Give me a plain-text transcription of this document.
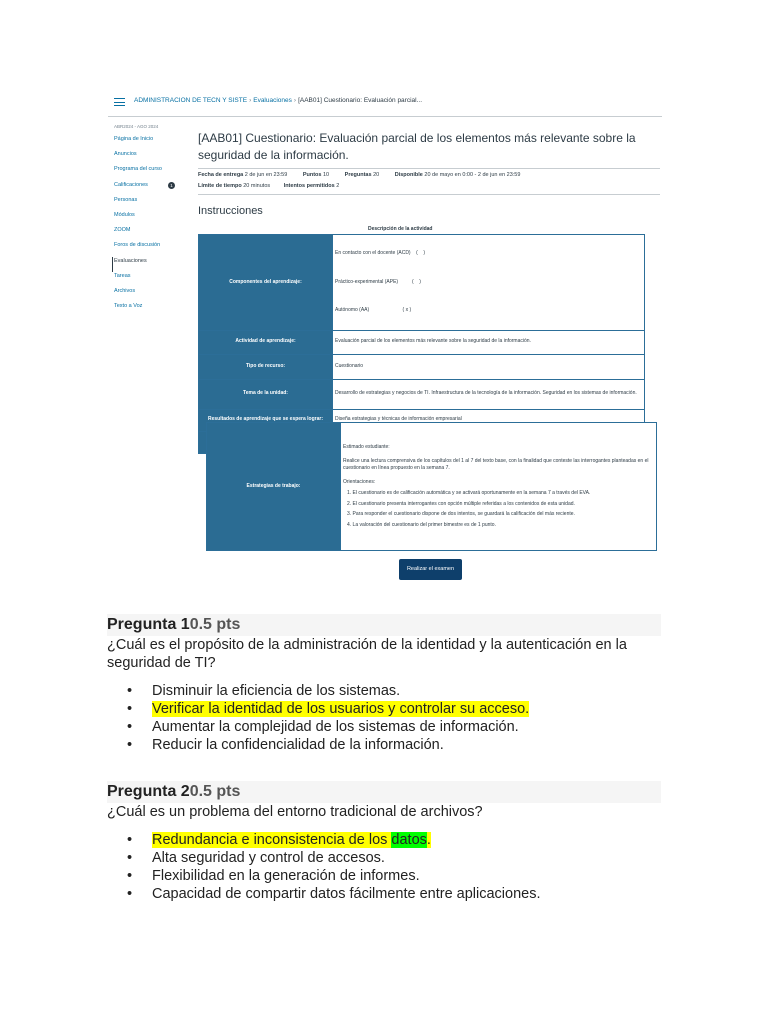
ADMINISTRACION DE TECN Y SISTE › Evaluaciones › [AAB01] Cuestionario: Evaluación parcial...
ABR2024 - AGO 2024
Página de Inicio
Anuncios
Programa del curso
Calificaciones	1
Personas
Módulos
ZOOM
Foros de discusión
Evaluaciones
Tareas
Archivos
Texto a Voz
[AAB01] Cuestionario: Evaluación parcial de los elementos más relevante sobre la seguridad de la información.
Fecha de entrega 2 de jun en 23:59	Puntos 10	Preguntas 20	Disponible 20 de mayo en 0:00 - 2 de jun en 23:59
Límite de tiempo 20 minutos Intentos permitidos 2
Instrucciones
Descripción de la actividad
Componentes del aprendizaje:	En contacto con el docente (ACD)    (    )

Práctico-experimental (APE)          (    )

Autónomo (AA)                        ( x )

Actividad de aprendizaje:	Evaluación parcial de los elementos más relevante sobre la seguridad de la información.
Tipo de recurso:	Cuestionario
Tema de la unidad:	Desarrollo de estrategias y negocios de TI. Infraestructura de la tecnología de la información. Seguridad en los sistemas de información.
Resultados de aprendizaje que se espera lograr:	Diseña estrategias y técnicas de información empresarial

Estrategias de trabajo:	
Estimado estudiante:
Realice una lectura comprensiva de los capítulos del 1 al 7 del texto base, con la finalidad que conteste las interrogantes planteadas en el cuestionario en línea propuesto en la semana 7.
Orientaciones:
1. El cuestionario es de calificación automática y se activará oportunamente en la semana 7 a través del EVA.
2. El cuestionario presenta interrogantes con opción múltiple referidas a los contenidos de esta unidad.
3. Para responder el cuestionario dispone de dos intentos, se guardará la calificación del más reciente.
4. La valoración del cuestionario del primer bimestre es de 1 punto.
Realizar el examen
Pregunta 10.5 pts
¿Cuál es el propósito de la administración de la identidad y la autenticación en la seguridad de TI?
• Disminuir la eficiencia de los sistemas.
• Verificar la identidad de los usuarios y controlar su acceso.
• Aumentar la complejidad de los sistemas de información.
• Reducir la confidencialidad de la información.
Pregunta 20.5 pts
¿Cuál es un problema del entorno tradicional de archivos?
• Redundancia e inconsistencia de los datos.
• Alta seguridad y control de accesos.
• Flexibilidad en la generación de informes.
• Capacidad de compartir datos fácilmente entre aplicaciones.
